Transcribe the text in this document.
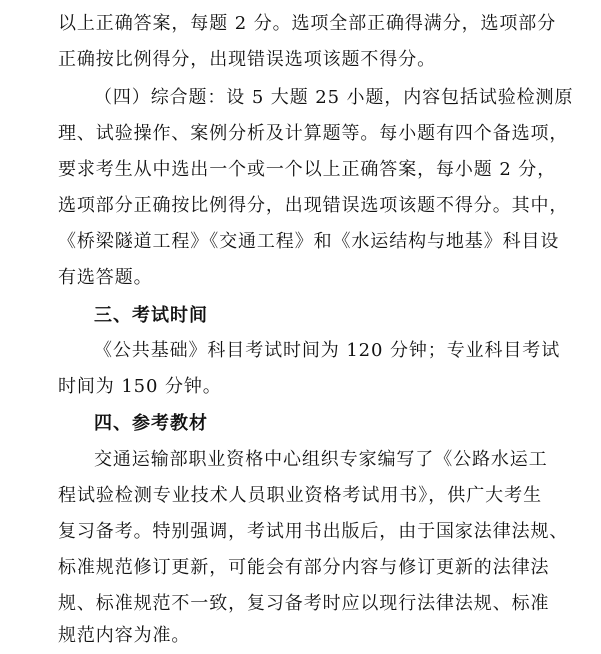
以上正确答案，每题 2 分。选项全部正确得满分，选项部分
正确按比例得分，出现错误选项该题不得分。
（四）综合题：设 5 大题 25 小题，内容包括试验检测原
理、试验操作、案例分析及计算题等。每小题有四个备选项，
要求考生从中选出一个或一个以上正确答案，每小题 2 分，
选项部分正确按比例得分，出现错误选项该题不得分。其中，
《桥梁隧道工程》《交通工程》和《水运结构与地基》科目设
有选答题。
三、考试时间
《公共基础》科目考试时间为 120 分钟；专业科目考试
时间为 150 分钟。
四、参考教材
交通运输部职业资格中心组织专家编写了《公路水运工
程试验检测专业技术人员职业资格考试用书》，供广大考生
复习备考。特别强调，考试用书出版后，由于国家法律法规、
标准规范修订更新，可能会有部分内容与修订更新的法律法
规、标准规范不一致，复习备考时应以现行法律法规、标准
规范内容为准。
